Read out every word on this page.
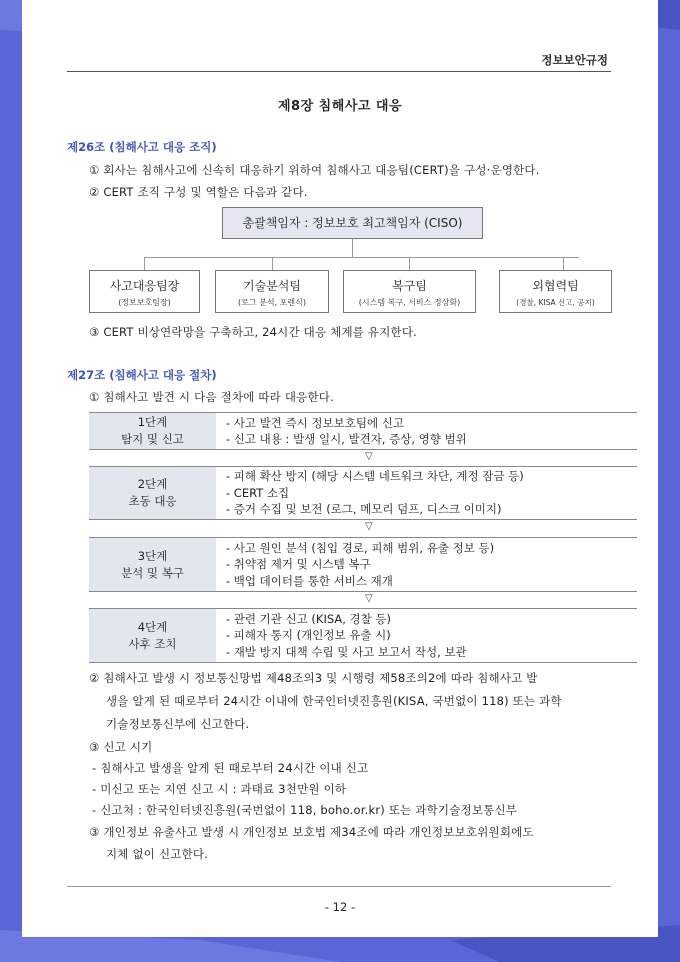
정보보안규정
제8장 침해사고 대응
제26조 (침해사고 대응 조직)
① 회사는 침해사고에 신속히 대응하기 위하여 침해사고 대응팀(CERT)을 구성·운영한다.
② CERT 조직 구성 및 역할은 다음과 같다.
총괄책임자 : 정보보호 최고책임자 (CISO)
사고대응팀장
(정보보호팀장)
기술분석팀
(로그 분석, 포렌식)
복구팀
(시스템 복구, 서비스 정상화)
외협력팀
(경찰, KISA 신고, 공지)
③ CERT 비상연락망을 구축하고, 24시간 대응 체계를 유지한다.
제27조 (침해사고 대응 절차)
① 침해사고 발견 시 다음 절차에 따라 대응한다.
1단계
탐지 및 신고
- 사고 발견 즉시 정보보호팀에 신고
- 신고 내용 : 발생 일시, 발견자, 증상, 영향 범위
▽
2단계
초동 대응
- 피해 확산 방지 (해당 시스템 네트워크 차단, 계정 잠금 등)
- CERT 소집
- 증거 수집 및 보전 (로그, 메모리 덤프, 디스크 이미지)
▽
3단계
분석 및 복구
- 사고 원인 분석 (침입 경로, 피해 범위, 유출 정보 등)
- 취약점 제거 및 시스템 복구
- 백업 데이터를 통한 서비스 재개
▽
4단계
사후 조치
- 관련 기관 신고 (KISA, 경찰 등)
- 피해자 통지 (개인정보 유출 시)
- 재발 방지 대책 수립 및 사고 보고서 작성, 보관
② 침해사고 발생 시 정보통신망법 제48조의3 및 시행령 제58조의2에 따라 침해사고 발
생을 알게 된 때로부터 24시간 이내에 한국인터넷진흥원(KISA, 국번없이 118) 또는 과학
기술정보통신부에 신고한다.
③ 신고 시기
- 침해사고 발생을 알게 된 때로부터 24시간 이내 신고
- 미신고 또는 지연 신고 시 : 과태료 3천만원 이하
- 신고처 : 한국인터넷진흥원(국번없이 118, boho.or.kr) 또는 과학기술정보통신부
③ 개인정보 유출사고 발생 시 개인정보 보호법 제34조에 따라 개인정보보호위원회에도
지체 없이 신고한다.
- 12 -
